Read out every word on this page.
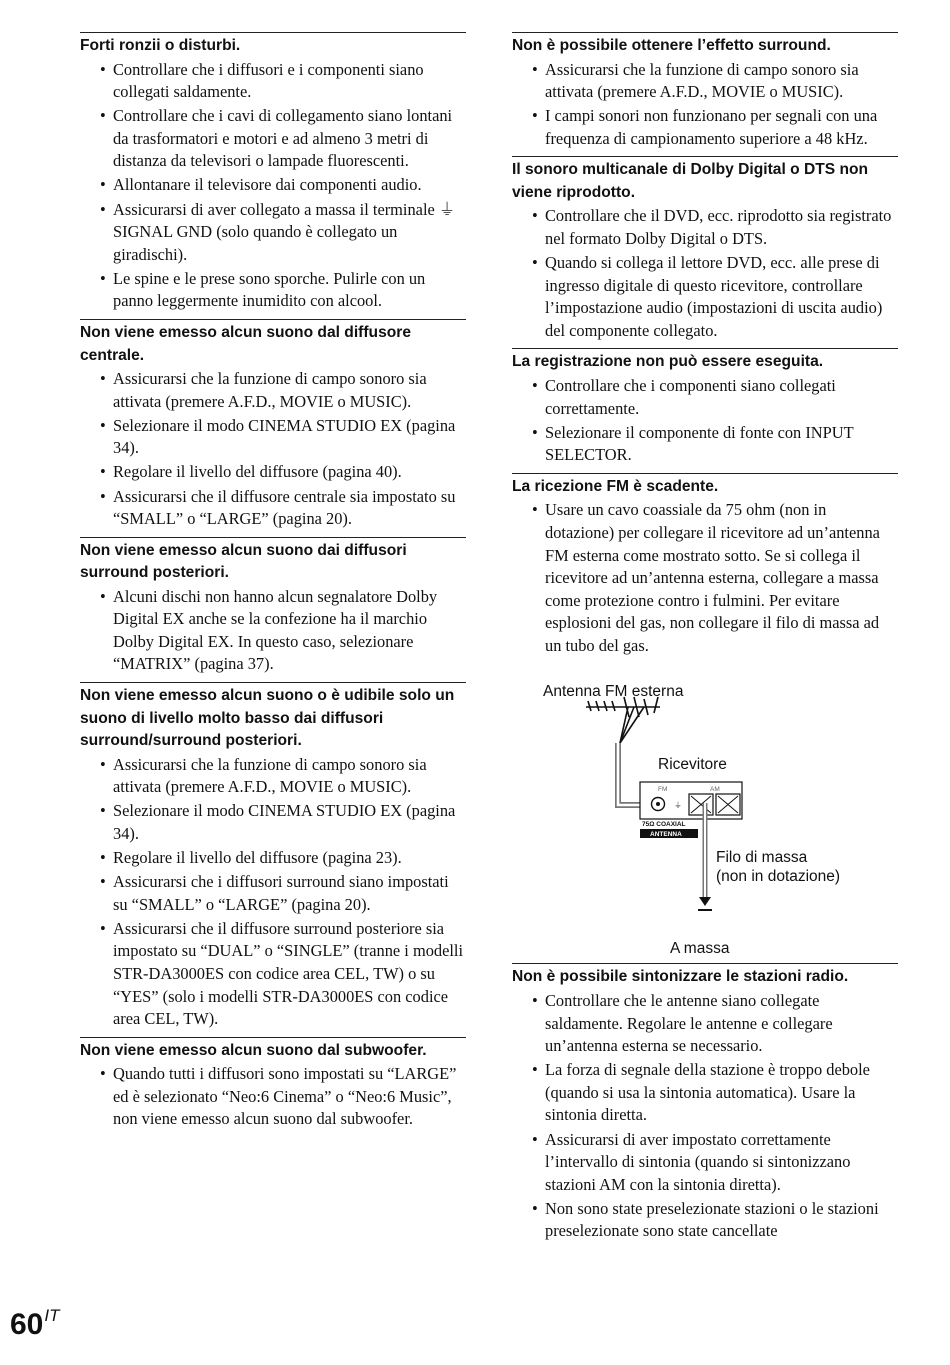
Forti ronzii o disturbi.
• Controllare che i diffusori e i componenti siano collegati saldamente.
• Controllare che i cavi di collegamento siano lontani da trasformatori e motori e ad almeno 3 metri di distanza da televisori o lampade fluorescenti.
• Allontanare il televisore dai componenti audio.
• Assicurarsi di aver collegato a massa il terminale ⏚ SIGNAL GND (solo quando è collegato un giradischi).
• Le spine e le prese sono sporche. Pulirle con un panno leggermente inumidito con alcool.
Non viene emesso alcun suono dal diffusore centrale.
• Assicurarsi che la funzione di campo sonoro sia attivata (premere A.F.D., MOVIE o MUSIC).
• Selezionare il modo CINEMA STUDIO EX (pagina 34).
• Regolare il livello del diffusore (pagina 40).
• Assicurarsi che il diffusore centrale sia impostato su “SMALL” o “LARGE” (pagina 20).
Non viene emesso alcun suono dai diffusori surround posteriori.
• Alcuni dischi non hanno alcun segnalatore Dolby Digital EX anche se la confezione ha il marchio Dolby Digital EX. In questo caso, selezionare “MATRIX” (pagina 37).
Non viene emesso alcun suono o è udibile solo un suono di livello molto basso dai diffusori surround/surround posteriori.
• Assicurarsi che la funzione di campo sonoro sia attivata (premere A.F.D., MOVIE o MUSIC).
• Selezionare il modo CINEMA STUDIO EX (pagina 34).
• Regolare il livello del diffusore (pagina 23).
• Assicurarsi che i diffusori surround siano impostati su “SMALL” o “LARGE” (pagina 20).
• Assicurarsi che il diffusore surround posteriore sia impostato su “DUAL” o “SINGLE” (tranne i modelli STR-DA3000ES con codice area CEL, TW) o su “YES” (solo i modelli STR-DA3000ES con codice area CEL, TW).
Non viene emesso alcun suono dal subwoofer.
• Quando tutti i diffusori sono impostati su “LARGE” ed è selezionato “Neo:6 Cinema” o “Neo:6 Music”, non viene emesso alcun suono dal subwoofer.
Non è possibile ottenere l’effetto surround.
• Assicurarsi che la funzione di campo sonoro sia attivata (premere A.F.D., MOVIE o MUSIC).
• I campi sonori non funzionano per segnali con una frequenza di campionamento superiore a 48 kHz.
Il sonoro multicanale di Dolby Digital o DTS non viene riprodotto.
• Controllare che il DVD, ecc. riprodotto sia registrato nel formato Dolby Digital o DTS.
• Quando si collega il lettore DVD, ecc. alle prese di ingresso digitale di questo ricevitore, controllare l’impostazione audio (impostazioni di uscita audio) del componente collegato.
La registrazione non può essere eseguita.
• Controllare che i componenti siano collegati correttamente.
• Selezionare il componente di fonte con INPUT SELECTOR.
La ricezione FM è scadente.
• Usare un cavo coassiale da 75 ohm (non in dotazione) per collegare il ricevitore ad un’antenna FM esterna come mostrato sotto. Se si collega il ricevitore ad un’antenna esterna, collegare a massa come protezione contro i fulmini. Per evitare esplosioni del gas, non collegare il filo di massa ad un tubo del gas.
Antenna FM esterna
Ricevitore
Filo di massa
(non in dotazione)
A massa
FM	AM
⏚
75Ω COAXIAL
ANTENNA
Non è possibile sintonizzare le stazioni radio.
• Controllare che le antenne siano collegate saldamente. Regolare le antenne e collegare un’antenna esterna se necessario.
• La forza di segnale della stazione è troppo debole (quando si usa la sintonia automatica). Usare la sintonia diretta.
• Assicurarsi di aver impostato correttamente l’intervallo di sintonia (quando si sintonizzano stazioni AM con la sintonia diretta).
• Non sono state preselezionate stazioni o le stazioni preselezionate sono state cancellate
$60^{IT}$
